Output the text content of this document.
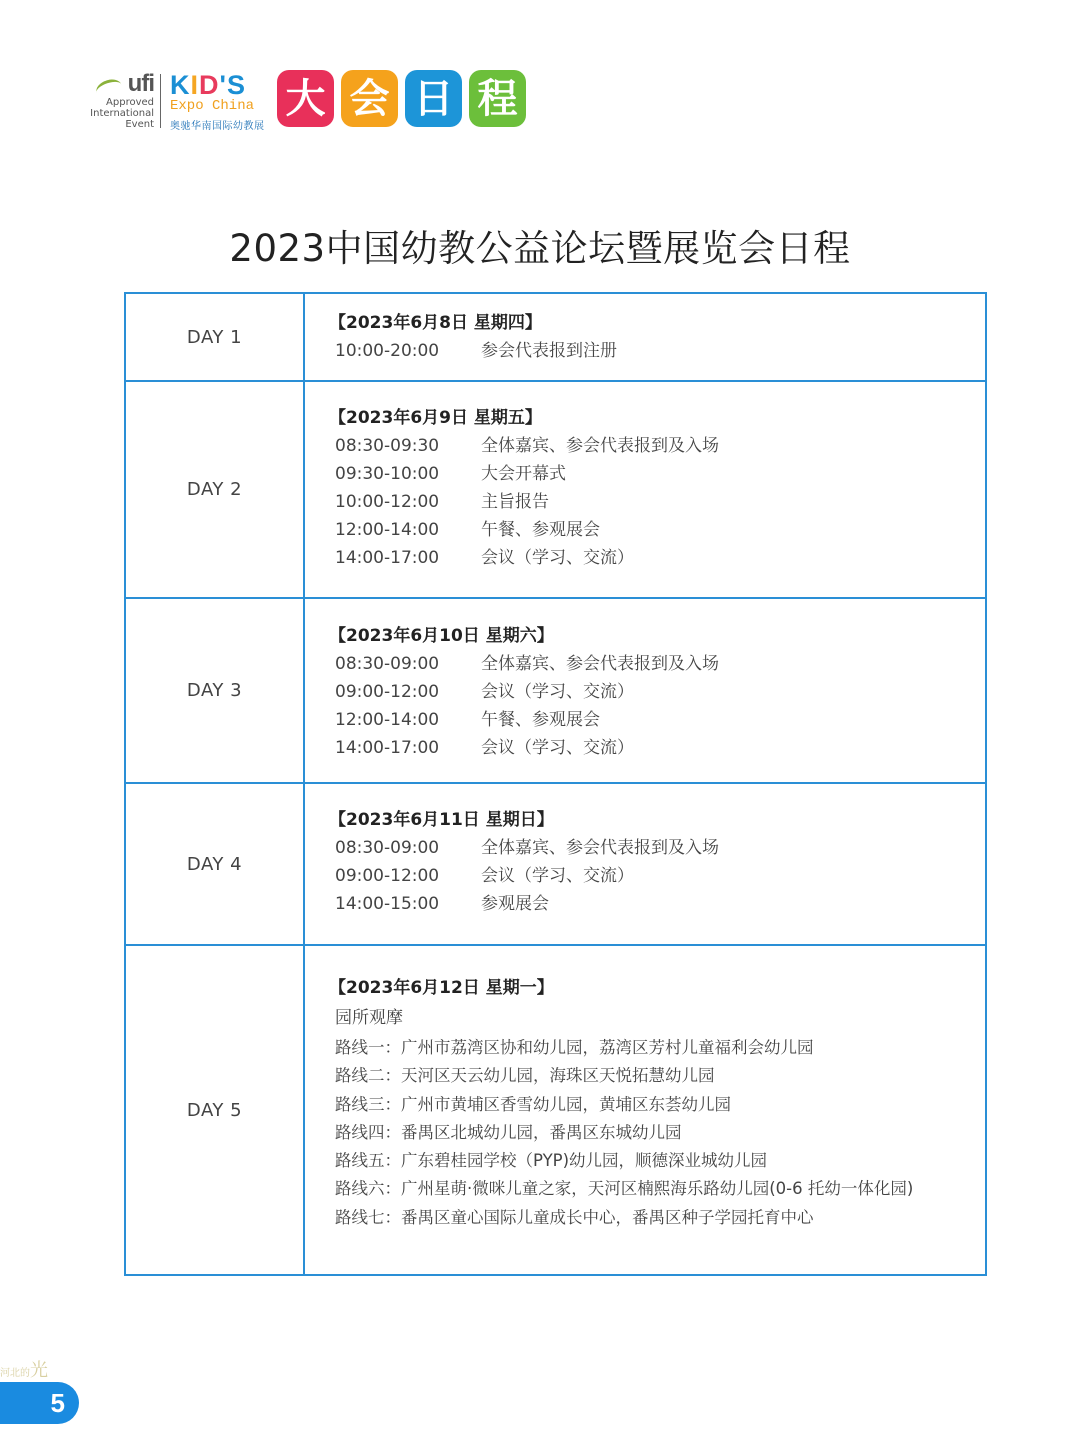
ufi
Approved
International
Event
KID'S
Expo China
奥驰华南国际幼教展
大 会 日 程
2023中国幼教公益论坛暨展览会日程
DAY 1
【2023年6月8日 星期四】
10:00-20:00	参会代表报到注册
DAY 2
【2023年6月9日 星期五】
08:30-09:30	全体嘉宾、参会代表报到及入场
09:30-10:00	大会开幕式
10:00-12:00	主旨报告
12:00-14:00	午餐、参观展会
14:00-17:00	会议（学习、交流）
DAY 3
【2023年6月10日 星期六】
08:30-09:00	全体嘉宾、参会代表报到及入场
09:00-12:00	会议（学习、交流）
12:00-14:00	午餐、参观展会
14:00-17:00	会议（学习、交流）
DAY 4
【2023年6月11日 星期日】
08:30-09:00	全体嘉宾、参会代表报到及入场
09:00-12:00	会议（学习、交流）
14:00-15:00	参观展会
DAY 5
【2023年6月12日 星期一】
园所观摩
路线一：广州市荔湾区协和幼儿园，荔湾区芳村儿童福利会幼儿园
路线二：天河区天云幼儿园，海珠区天悦拓慧幼儿园
路线三：广州市黄埔区香雪幼儿园，黄埔区东荟幼儿园
路线四：番禺区北城幼儿园，番禺区东城幼儿园
路线五：广东碧桂园学校（PYP)幼儿园，顺德深业城幼儿园
路线六：广州星萌·微咪儿童之家，天河区楠熙海乐路幼儿园(0-6 托幼一体化园)
路线七：番禺区童心国际儿童成长中心，番禺区种子学园托育中心
河北的光
5
